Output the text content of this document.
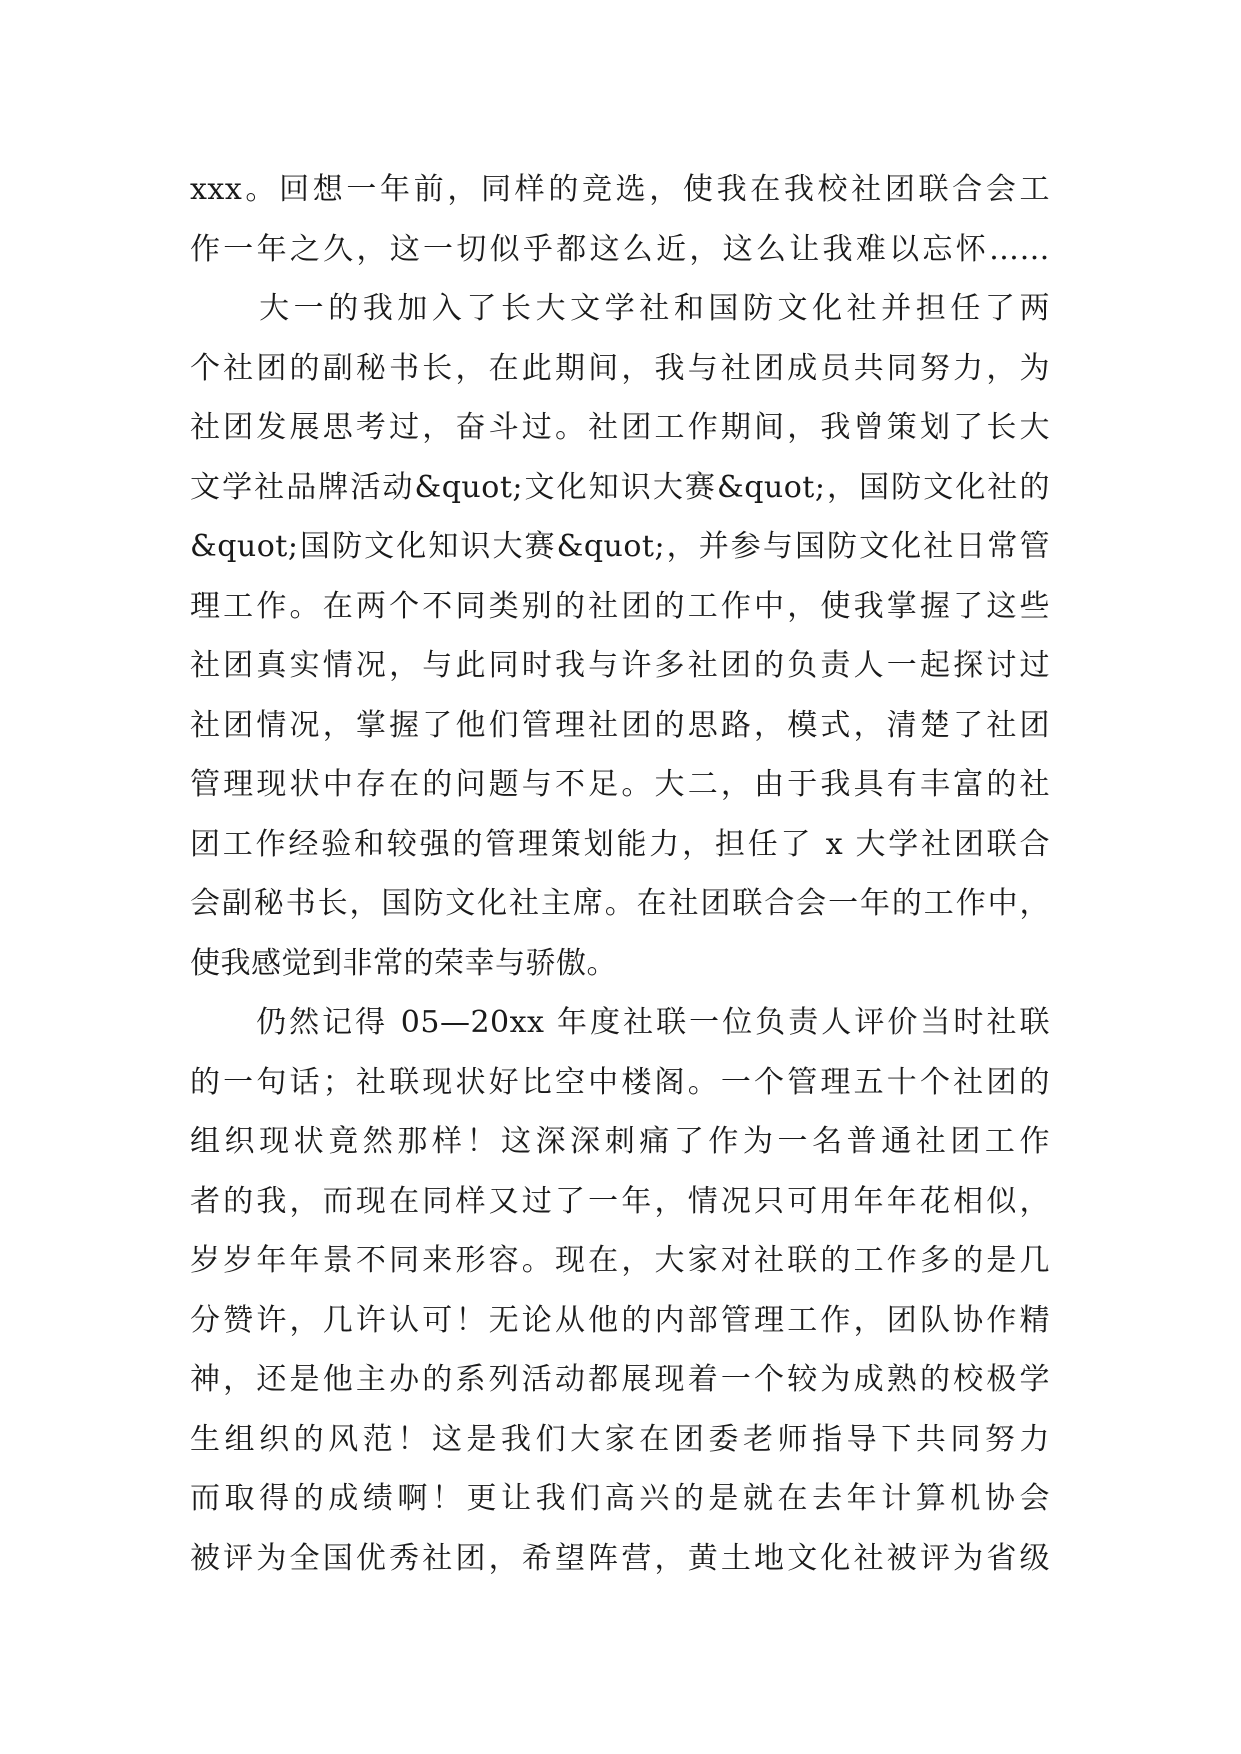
xxx。回想一年前，同样的竞选，使我在我校社团联合会工
作一年之久，这一切似乎都这么近，这么让我难以忘怀……
　　大一的我加入了长大文学社和国防文化社并担任了两
个社团的副秘书长，在此期间，我与社团成员共同努力，为
社团发展思考过，奋斗过。社团工作期间，我曾策划了长大
文学社品牌活动&quot;文化知识大赛&quot;，国防文化社的
&quot;国防文化知识大赛&quot;，并参与国防文化社日常管
理工作。在两个不同类别的社团的工作中，使我掌握了这些
社团真实情况，与此同时我与许多社团的负责人一起探讨过
社团情况，掌握了他们管理社团的思路，模式，清楚了社团
管理现状中存在的问题与不足。大二，由于我具有丰富的社
团工作经验和较强的管理策划能力，担任了 x 大学社团联合
会副秘书长，国防文化社主席。在社团联合会一年的工作中，
使我感觉到非常的荣幸与骄傲。
　　仍然记得 05—20xx 年度社联一位负责人评价当时社联
的一句话；社联现状好比空中楼阁。一个管理五十个社团的
组织现状竟然那样！这深深刺痛了作为一名普通社团工作
者的我，而现在同样又过了一年，情况只可用年年花相似，
岁岁年年景不同来形容。现在，大家对社联的工作多的是几
分赞许，几许认可！无论从他的内部管理工作，团队协作精
神，还是他主办的系列活动都展现着一个较为成熟的校极学
生组织的风范！这是我们大家在团委老师指导下共同努力
而取得的成绩啊！更让我们高兴的是就在去年计算机协会
被评为全国优秀社团，希望阵营，黄土地文化社被评为省级
